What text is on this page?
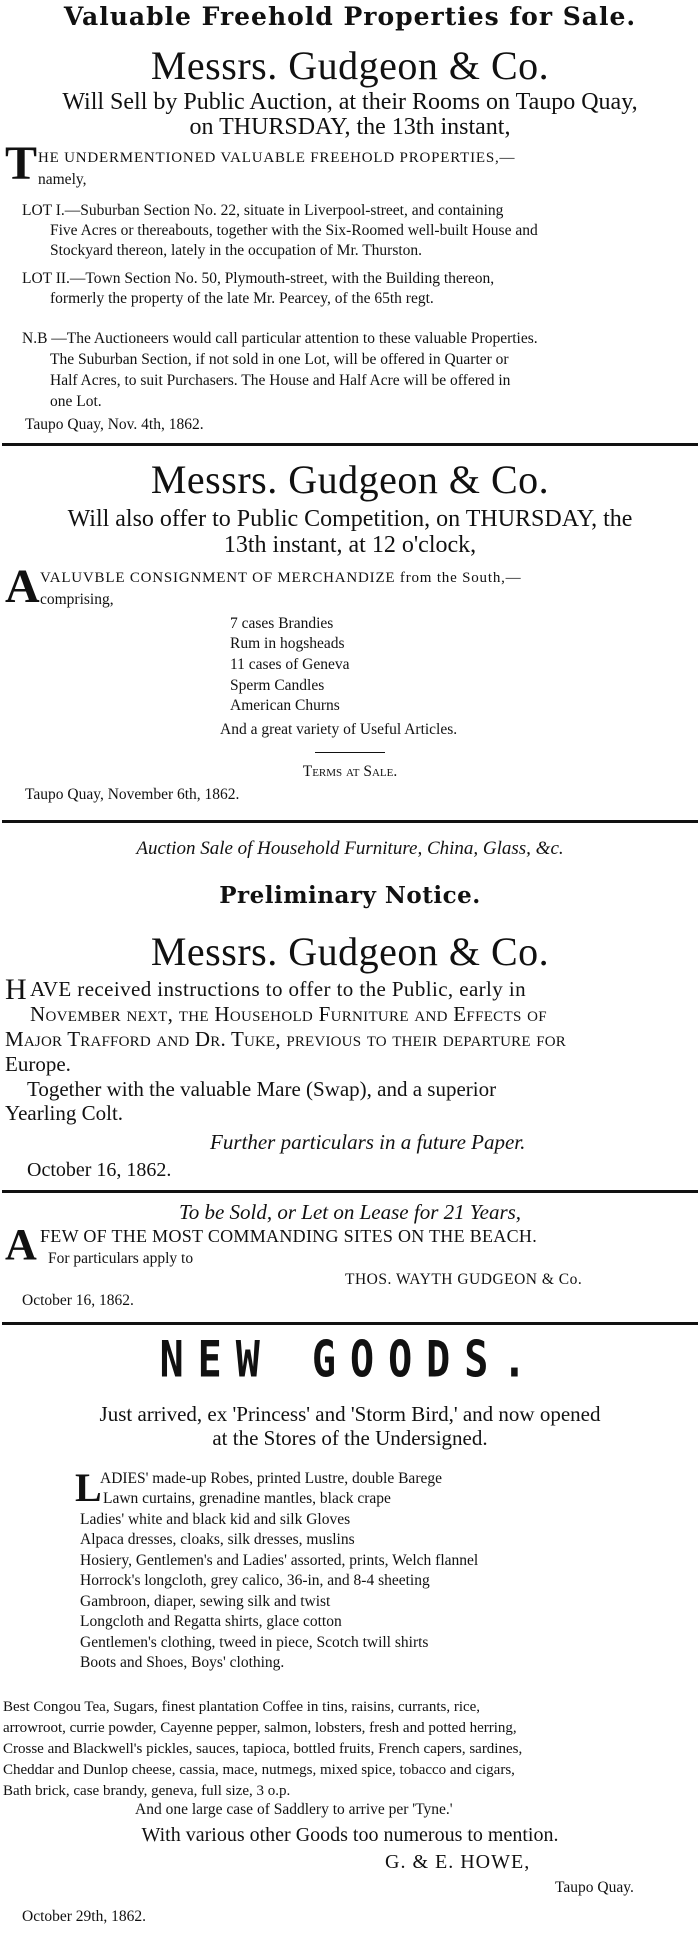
Valuable Freehold Properties for Sale.
Messrs. Gudgeon & Co.
Will Sell by Public Auction, at their Rooms on Taupo Quay,
on THURSDAY, the 13th instant,
T HE UNDERMENTIONED VALUABLE FREEHOLD PROPERTIES,—
namely,
LOT I.—Suburban Section No. 22, situate in Liverpool-street, and containing
Five Acres or thereabouts, together with the Six-Roomed well-built House and
Stockyard thereon, lately in the occupation of Mr. Thurston.
LOT II.—Town Section No. 50, Plymouth-street, with the Building thereon,
formerly the property of the late Mr. Pearcey, of the 65th regt.
N.B —The Auctioneers would call particular attention to these valuable Properties.
The Suburban Section, if not sold in one Lot, will be offered in Quarter or
Half Acres, to suit Purchasers. The House and Half Acre will be offered in
one Lot.
Taupo Quay, Nov. 4th, 1862.
Messrs. Gudgeon & Co.
Will also offer to Public Competition, on THURSDAY, the
13th instant, at 12 o'clock,
A VALUVBLE CONSIGNMENT OF MERCHANDIZE from the South,—
comprising,
7 cases Brandies
Rum in hogsheads
11 cases of Geneva
Sperm Candles
American Churns
And a great variety of Useful Articles.
Terms at Sale.
Taupo Quay, November 6th, 1862.
Auction Sale of Household Furniture, China, Glass, &c.
Preliminary Notice.
Messrs. Gudgeon & Co.
H AVE received instructions to offer to the Public, early in
November next, the Household Furniture and Effects of
Major Trafford and Dr. Tuke, previous to their departure for
Europe.
Together with the valuable Mare (Swap), and a superior
Yearling Colt.
Further particulars in a future Paper.
October 16, 1862.
To be Sold, or Let on Lease for 21 Years,
A FEW OF THE MOST COMMANDING SITES ON THE BEACH.
For particulars apply to
THOS. WAYTH GUDGEON & Co.
October 16, 1862.
NEW GOODS.
Just arrived, ex 'Princess' and 'Storm Bird,' and now opened
at the Stores of the Undersigned.
L
ADIES' made-up Robes, printed Lustre, double Barege
Lawn curtains, grenadine mantles, black crape
Ladies' white and black kid and silk Gloves
Alpaca dresses, cloaks, silk dresses, muslins
Hosiery, Gentlemen's and Ladies' assorted, prints, Welch flannel
Horrock's longcloth, grey calico, 36-in, and 8-4 sheeting
Gambroon, diaper, sewing silk and twist
Longcloth and Regatta shirts, glace cotton
Gentlemen's clothing, tweed in piece, Scotch twill shirts
Boots and Shoes, Boys' clothing.
Best Congou Tea, Sugars, finest plantation Coffee in tins, raisins, currants, rice,
arrowroot, currie powder, Cayenne pepper, salmon, lobsters, fresh and potted herring,
Crosse and Blackwell's pickles, sauces, tapioca, bottled fruits, French capers, sardines,
Cheddar and Dunlop cheese, cassia, mace, nutmegs, mixed spice, tobacco and cigars,
Bath brick, case brandy, geneva, full size, 3 o.p.
And one large case of Saddlery to arrive per 'Tyne.'
With various other Goods too numerous to mention.
G. & E. HOWE,
Taupo Quay.
October 29th, 1862.
